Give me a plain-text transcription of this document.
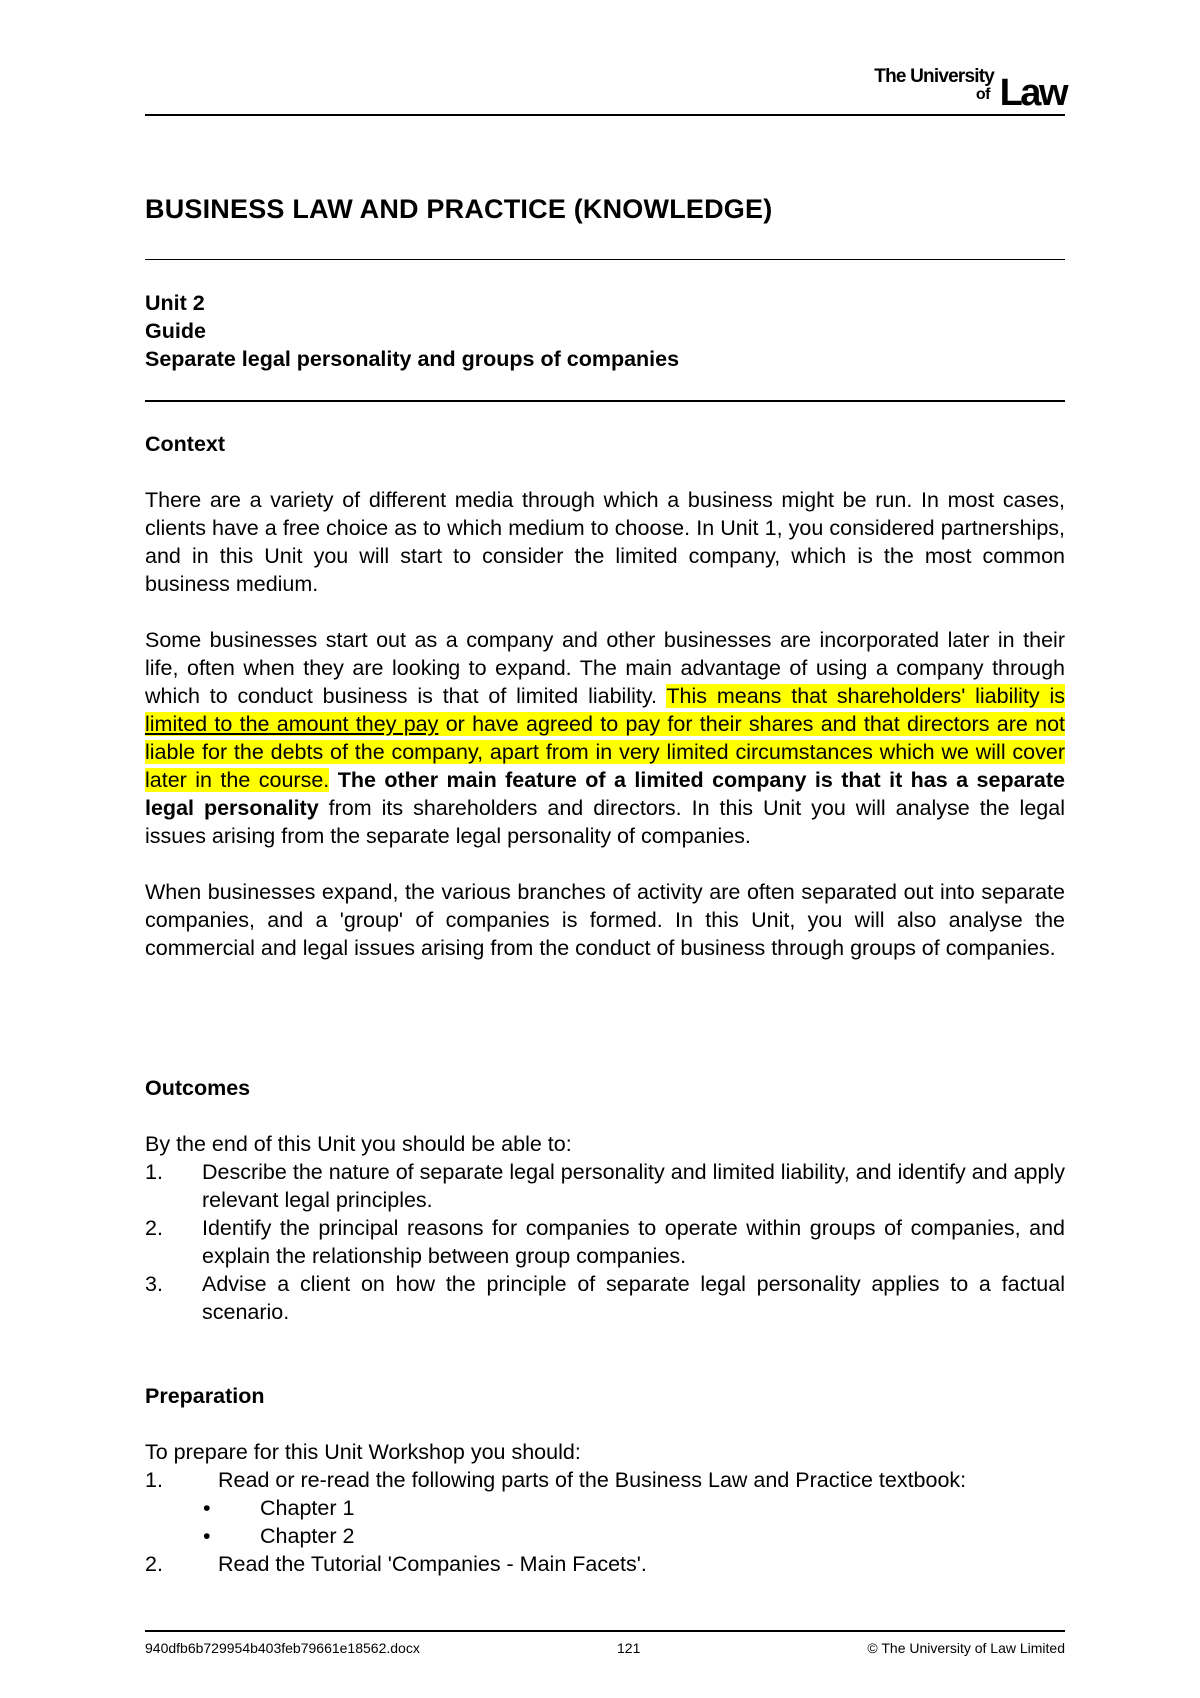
The University
of Law
BUSINESS LAW AND PRACTICE (KNOWLEDGE)
Unit 2
Guide
Separate legal personality and groups of companies
Context

There are a variety of different media through which a business might be run. In most cases, clients have a free choice as to which medium to choose. In Unit 1, you considered partnerships, and in this Unit you will start to consider the limited company, which is the most common business medium.

Some businesses start out as a company and other businesses are incorporated later in their life, often when they are looking to expand. The main advantage of using a company through which to conduct business is that of limited liability. This means that shareholders' liability is limited to the amount they pay or have agreed to pay for their shares and that directors are not liable for the debts of the company, apart from in very limited circumstances which we will cover later in the course. The other main feature of a limited company is that it has a separate legal personality from its shareholders and directors. In this Unit you will analyse the legal issues arising from the separate legal personality of companies.

When businesses expand, the various branches of activity are often separated out into separate companies, and a 'group' of companies is formed. In this Unit, you will also analyse the commercial and legal issues arising from the conduct of business through groups of companies.

Outcomes
By the end of this Unit you should be able to:
1. Describe the nature of separate legal personality and limited liability, and identify and apply relevant legal principles.
2. Identify the principal reasons for companies to operate within groups of companies, and explain the relationship between group companies.
3. Advise a client on how the principle of separate legal personality applies to a factual scenario.
Preparation
To prepare for this Unit Workshop you should:
1.	Read or re-read the following parts of the Business Law and Practice textbook:
• Chapter 1
• Chapter 2
2.	Read the Tutorial 'Companies - Main Facets'.
940dfb6b729954b403feb79661e18562.docx	121	© The University of Law Limited
